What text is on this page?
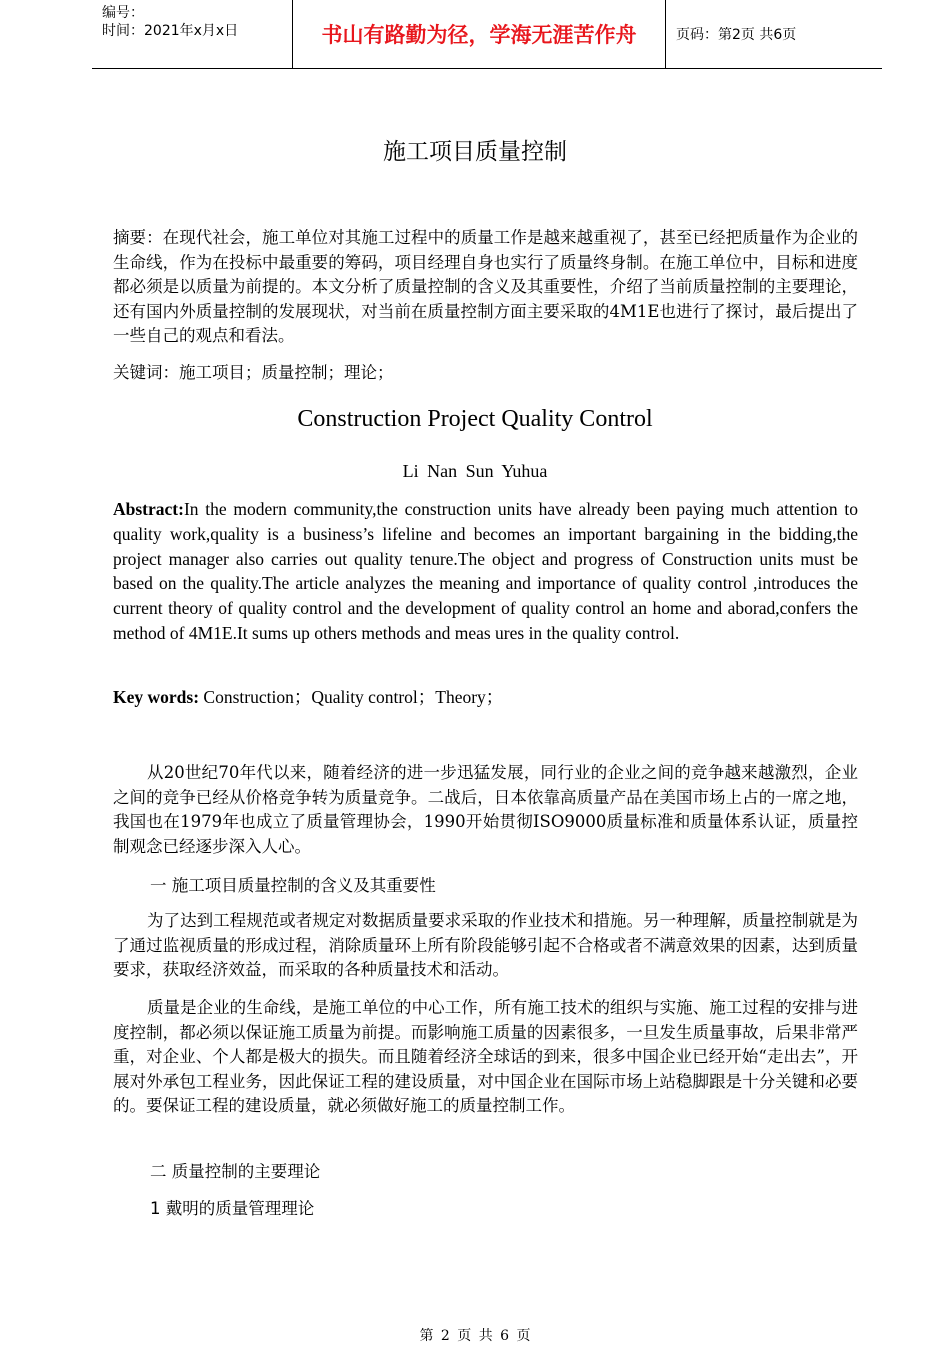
编号：
时间：2021年x月x日	书山有路勤为径，学海无涯苦作舟	页码：第2页 共6页
施工项目质量控制
摘要：在现代社会，施工单位对其施工过程中的质量工作是越来越重视了，甚至已经把质量作为企业的生命线，作为在投标中最重要的筹码，项目经理自身也实行了质量终身制。在施工单位中，目标和进度都必须是以质量为前提的。本文分析了质量控制的含义及其重要性，介绍了当前质量控制的主要理论，还有国内外质量控制的发展现状，对当前在质量控制方面主要采取的4M1E也进行了探讨，最后提出了一些自己的观点和看法。
关键词：施工项目；质量控制；理论；
Construction Project Quality Control
Li Nan Sun Yuhua
Abstract:In the modern community,the construction units have already been paying much attention to quality work,quality is a business’s lifeline and becomes an important bargaining in the bidding,the project manager also carries out quality tenure.The object and progress of Construction units must be based on the quality.The article analyzes the meaning and importance of quality control ,introduces the current theory of quality control and the development of quality control an home and aborad,confers the method of 4M1E.It sums up others methods and meas ures in the quality control.
Key words: Construction；Quality control；Theory；
从20世纪70年代以来，随着经济的进一步迅猛发展，同行业的企业之间的竞争越来越激烈，企业之间的竞争已经从价格竞争转为质量竞争。二战后，日本依靠高质量产品在美国市场上占的一席之地，我国也在1979年也成立了质量管理协会，1990开始贯彻ISO9000质量标准和质量体系认证，质量控制观念已经逐步深入人心。
一 施工项目质量控制的含义及其重要性
为了达到工程规范或者规定对数据质量要求采取的作业技术和措施。另一种理解，质量控制就是为了通过监视质量的形成过程，消除质量环上所有阶段能够引起不合格或者不满意效果的因素，达到质量要求，获取经济效益，而采取的各种质量技术和活动。
质量是企业的生命线，是施工单位的中心工作，所有施工技术的组织与实施、施工过程的安排与进度控制，都必须以保证施工质量为前提。而影响施工质量的因素很多，一旦发生质量事故，后果非常严重，对企业、个人都是极大的损失。而且随着经济全球话的到来，很多中国企业已经开始“走出去”，开展对外承包工程业务，因此保证工程的建设质量，对中国企业在国际市场上站稳脚跟是十分关键和必要的。要保证工程的建设质量，就必须做好施工的质量控制工作。
二 质量控制的主要理论
1 戴明的质量管理理论
第 2 页 共 6 页
